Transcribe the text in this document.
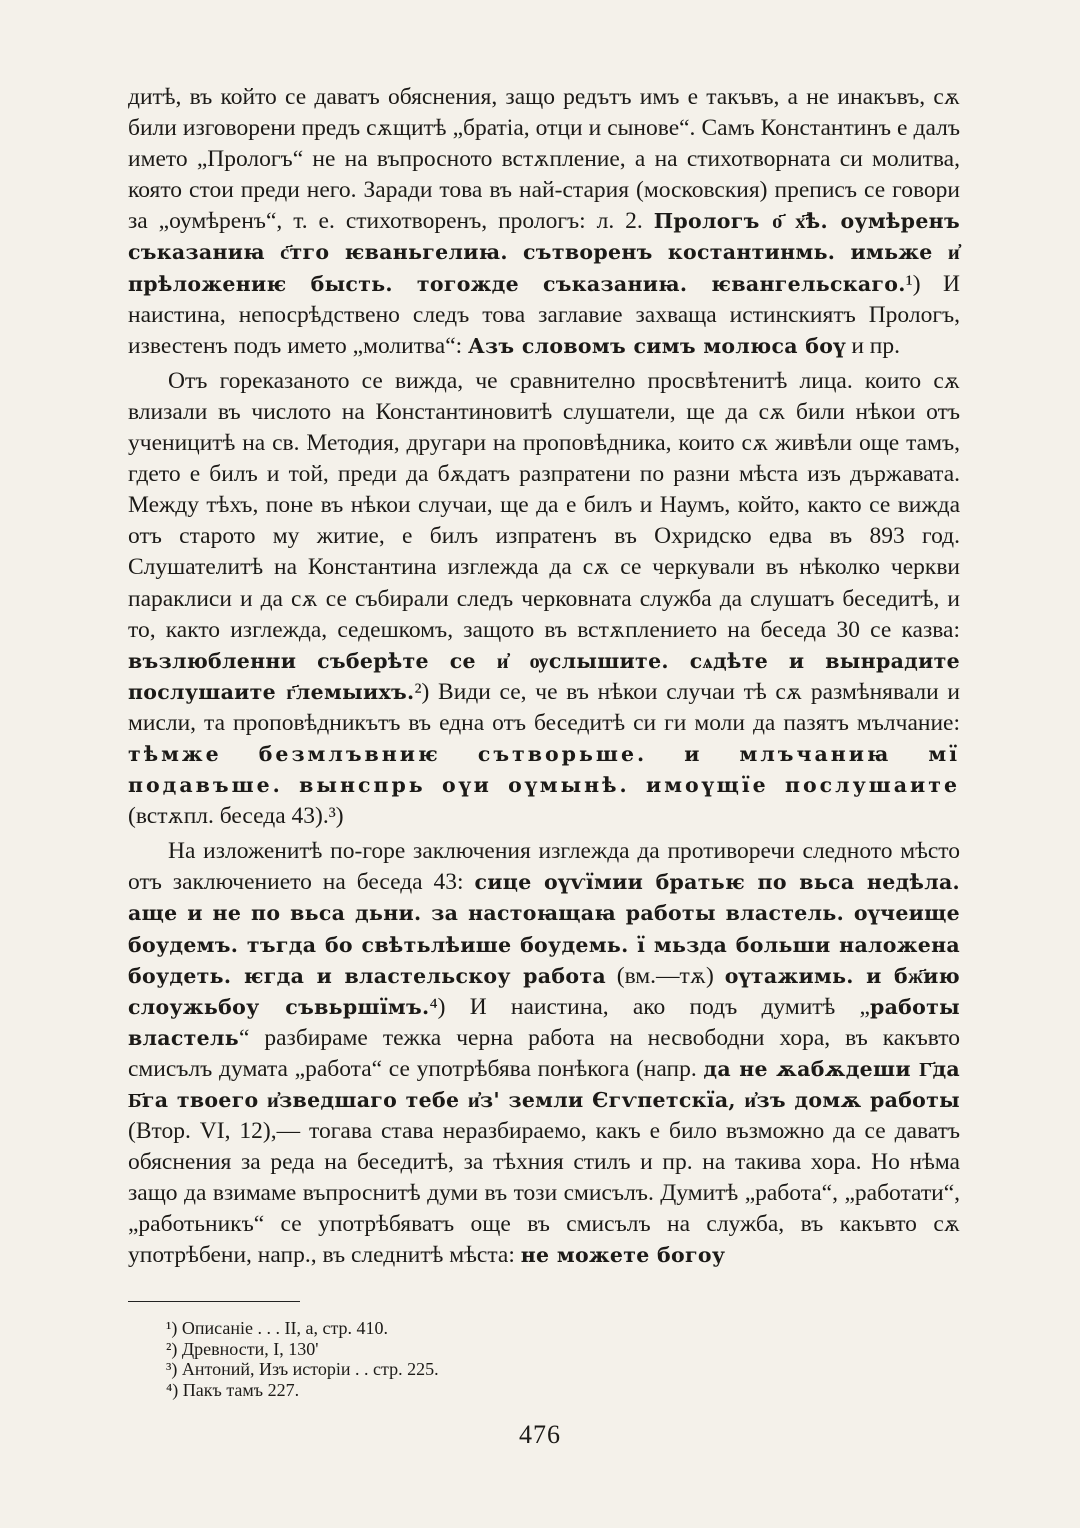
дитѣ, въ който се даватъ обяснения, защо редътъ имъ е такъвъ, а не инакъвъ, сѫ били изговорени предъ сѫщитѣ „братіа, отци и сынове“. Самъ Константинъ е далъ името „Прологъ“ не на въпросното встѫпление, а на стихотворната си молитва, която стои преди него. Заради това въ най-стария (московския) преписъ се говори за „оумѣренъ“, т. е. стихотворенъ, прологъ: л. 2. Прологъ о҃ х҃ѣ. оумѣренъ съказаниꙗ с҃тго ѥваньгелиꙗ. сътворенъ костантинмь. имьже и҆ прѣложениѥ бысть. тогожде съказаниꙗ. ѥвангельскаго.¹) И наистина, непосрѣдствено следъ това заглавие захваща истинскиятъ Прологъ, известенъ подъ името „молитва“: Азъ словомъ симъ молюса боү и пр.

Отъ гореказаното се вижда, че сравнително просвѣтенитѣ лица. които сѫ влизали въ числото на Константиновитѣ слушатели, ще да сѫ били нѣкои отъ ученицитѣ на св. Методия, другари на проповѣдника, които сѫ живѣли още тамъ, гдето е билъ и той, преди да бѫдатъ разпратени по разни мѣста изъ държавата. Между тѣхъ, поне въ нѣкои случаи, ще да е билъ и Наумъ, който, както се вижда отъ старото му житие, е билъ изпратенъ въ Охридско едва въ 893 год. Слушателитѣ на Константина изглежда да сѫ се черкували въ нѣколко черкви параклиси и да сѫ се събирали следъ черковната служба да слушатъ беседитѣ, и то, както изглежда, седешкомъ, защото въ встѫплението на беседа 30 се казва: възлюбленни съберѣте се и҆ ѹслышите. сѧдѣте и вынрадите послушаите г҃лемыихъ.²) Види се, че въ нѣкои случаи тѣ сѫ размѣнявали и мисли, та проповѣдникътъ въ една отъ беседитѣ си ги моли да пазятъ мълчание: тѣмже безмлъвниѥ сътворьше. и млъчаниꙗ мї подавъше. вынспрь оүи оүмынѣ. имоүщїе послушаите (встѫпл. беседа 43).³)

На изложенитѣ по-горе заключения изглежда да противоречи следното мѣсто отъ заключението на беседа 43: сице оүѵїмии братьѥ по вьса недѣла. аще и не по вьса дьни. за настоꙗщаꙗ работы властель. оүчеище боудемъ. тъгда бо свѣтьлѣише боудемь. ї мьзда больши наложена боудеть. ѥгда и властельскоу работа (вм.—тѫ) оүтажимь. и бж҃ию слоужьбоу съвьршїмъ.⁴) И наистина, ако подъ думитѣ „работы властель“ разбираме тежка черна работа на несвободни хора, въ какъвто смисълъ думата „работа“ се употрѣбява понѣкога (напр. да не ѫабѫдеши Г҃да Б҃га твоего и҆зведшаго тебе и҆з' земли Єгѵпетскїа, и҆зъ домѫ работы (Втор. VI, 12),— тогава става неразбираемо, какъ е било възможно да се даватъ обяснения за реда на беседитѣ, за тѣхния стилъ и пр. на такива хора. Но нѣма защо да взимаме въпроснитѣ думи въ този смисълъ. Думитѣ „работа“, „работати“, „работьникъ“ се употрѣбяватъ още въ смисълъ на служба, въ какъвто сѫ употрѣбени, напр., въ следнитѣ мѣста: не можете богоу

¹) Описаніе . . . II, a, стр. 410.

²) Древности, I, 130'

³) Антоний, Изъ исторіи . . стр. 225.

⁴) Пакъ тамъ 227.

476
